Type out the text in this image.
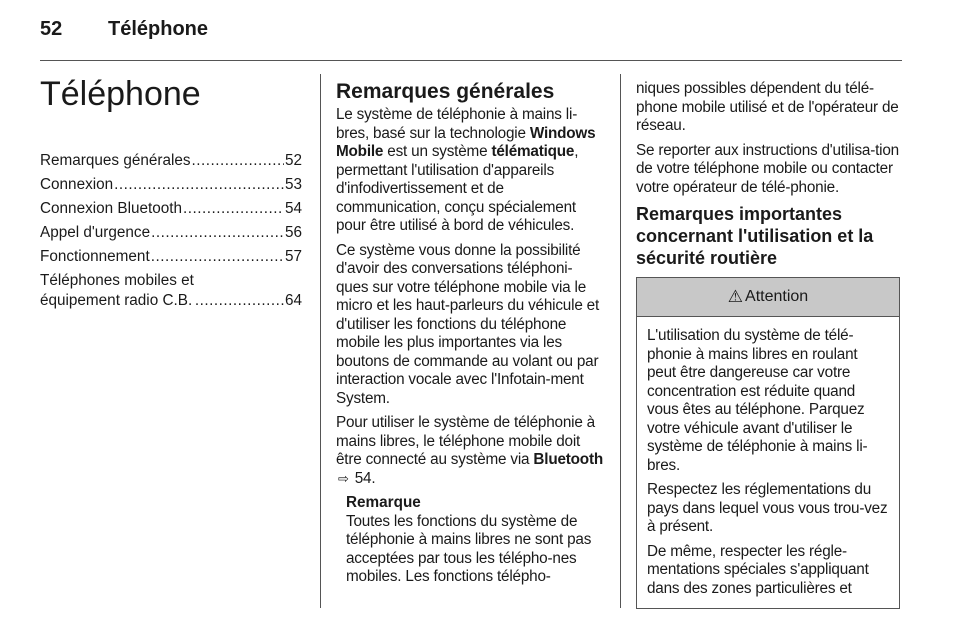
52 Téléphone
Téléphone
Remarques générales .....	52
Connexion .....	53
Connexion Bluetooth .....	54
Appel d'urgence .....	56
Fonctionnement .....	57
Téléphones mobiles et
équipement radio C.B. .....	64
Remarques générales

Le système de téléphonie à mains li-bres, basé sur la technologie Windows Mobile est un système télématique, permettant l'utilisation d'appareils d'infodivertissement et de communication, conçu spécialement pour être utilisé à bord de véhicules.

Ce système vous donne la possibilité d'avoir des conversations téléphoni-ques sur votre téléphone mobile via le micro et les haut-parleurs du véhicule et d'utiliser les fonctions du téléphone mobile les plus importantes via les boutons de commande au volant ou par interaction vocale avec l'Infotain-ment System.

Pour utiliser le système de téléphonie à mains libres, le téléphone mobile doit être connecté au système via Bluetooth ⇨ 54.

Remarque

Toutes les fonctions du système de téléphonie à mains libres ne sont pas acceptées par tous les télépho-nes mobiles. Les fonctions télépho-

niques possibles dépendent du télé-phone mobile utilisé et de l'opérateur de réseau.

Se reporter aux instructions d'utilisa-tion de votre téléphone mobile ou contacter votre opérateur de télé-phonie.

Remarques importantes concernant l'utilisation et la sécurité routière
⚠ Attention

L'utilisation du système de télé-phonie à mains libres en roulant peut être dangereuse car votre concentration est réduite quand vous êtes au téléphone. Parquez votre véhicule avant d'utiliser le système de téléphonie à mains li-bres.

Respectez les réglementations du pays dans lequel vous vous trou-vez à présent.

De même, respecter les régle-mentations spéciales s'appliquant dans des zones particulières et
